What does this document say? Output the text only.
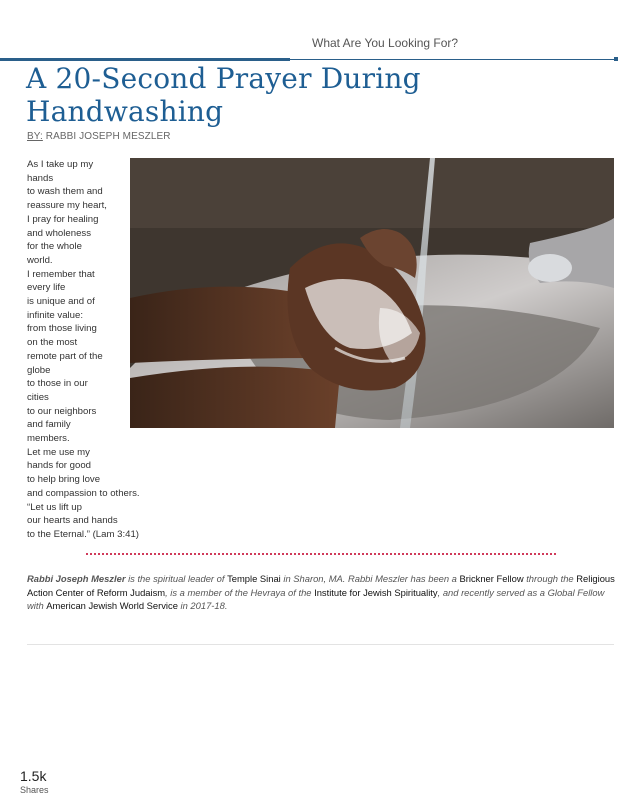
What Are You Looking For?
A 20-Second Prayer During Handwashing
BY: RABBI JOSEPH MESZLER
As I take up my
hands
to wash them and
reassure my heart,
I pray for healing
and wholeness
for the whole
world.
I remember that
every life
is unique and of
infinite value:
from those living
on the most
remote part of the
globe
to those in our
cities
to our neighbors
and family
members.
Let me use my
hands for good
to help bring love
and compassion to others.
“Let us lift up
our hearts and hands
to the Eternal.” (Lam 3:41)

Rabbi Joseph Meszler is the spiritual leader of Temple Sinai in Sharon, MA. Rabbi Meszler has been a Brickner Fellow through the Religious Action Center of Reform Judaism, is a member of the Hevraya of the Institute for Jewish Spirituality, and recently served as a Global Fellow with American Jewish World Service in 2017-18.

1.5k
Shares
